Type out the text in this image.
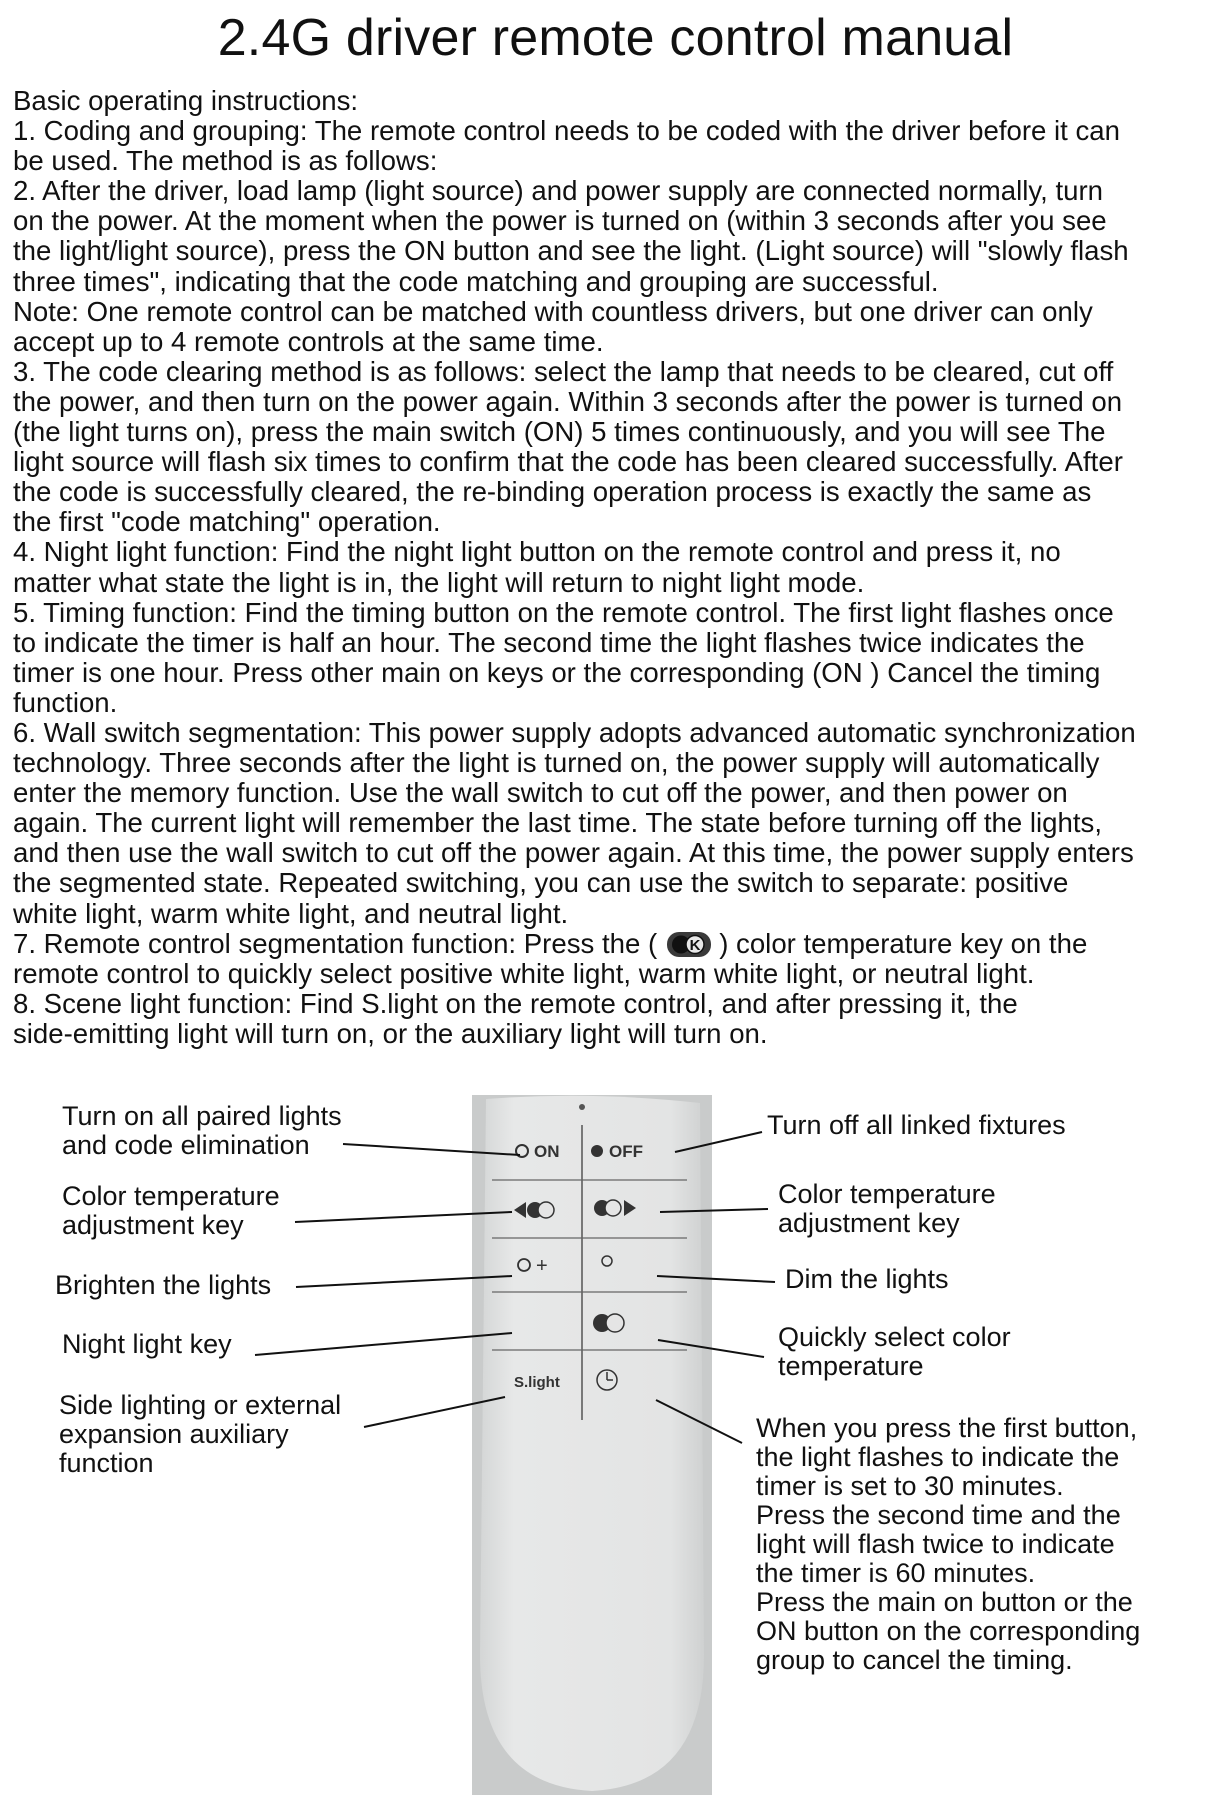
2.4G driver remote control manual
Basic operating instructions:
1. Coding and grouping: The remote control needs to be coded with the driver before it can
be used. The method is as follows:
2. After the driver, load lamp (light source) and power supply are connected normally, turn
on the power. At the moment when the power is turned on (within 3 seconds after you see
the light/light source), press the ON button and see the light. (Light source) will "slowly flash
three times", indicating that the code matching and grouping are successful.
Note: One remote control can be matched with countless drivers, but one driver can only
accept up to 4 remote controls at the same time.
3. The code clearing method is as follows: select the lamp that needs to be cleared, cut off
the power, and then turn on the power again. Within 3 seconds after the power is turned on
(the light turns on), press the main switch (ON) 5 times continuously, and you will see The
light source will flash six times to confirm that the code has been cleared successfully. After
the code is successfully cleared, the re-binding operation process is exactly the same as
the first "code matching" operation.
4. Night light function: Find the night light button on the remote control and press it, no
matter what state the light is in, the light will return to night light mode.
5. Timing function: Find the timing button on the remote control. The first light flashes once
to indicate the timer is half an hour. The second time the light flashes twice indicates the
timer is one hour. Press other main on keys or the corresponding (ON ) Cancel the timing
function.
6. Wall switch segmentation: This power supply adopts advanced automatic synchronization
technology. Three seconds after the light is turned on, the power supply will automatically
enter the memory function. Use the wall switch to cut off the power, and then power on
again. The current light will remember the last time. The state before turning off the lights,
and then use the wall switch to cut off the power again. At this time, the power supply enters
the segmented state. Repeated switching, you can use the switch to separate: positive
white light, warm white light, and neutral light.
7. Remote control segmentation function: Press the ( K ) color temperature key on the
remote control to quickly select positive white light, warm white light, or neutral light.
8. Scene light function: Find S.light on the remote control, and after pressing it, the
side-emitting light will turn on, or the auxiliary light will turn on.
ON	OFF
+
S.light
Turn on all paired lights
and code elimination
Color temperature
adjustment key
Brighten the lights
Night light key
Side lighting or external
expansion auxiliary
function
Turn off all linked fixtures
Color temperature
adjustment key
Dim the lights
Quickly select color
temperature
When you press the first button,
the light flashes to indicate the
timer is set to 30 minutes.
Press the second time and the
light will flash twice to indicate
the timer is 60 minutes.
Press the main on button or the
ON button on the corresponding
group to cancel the timing.
